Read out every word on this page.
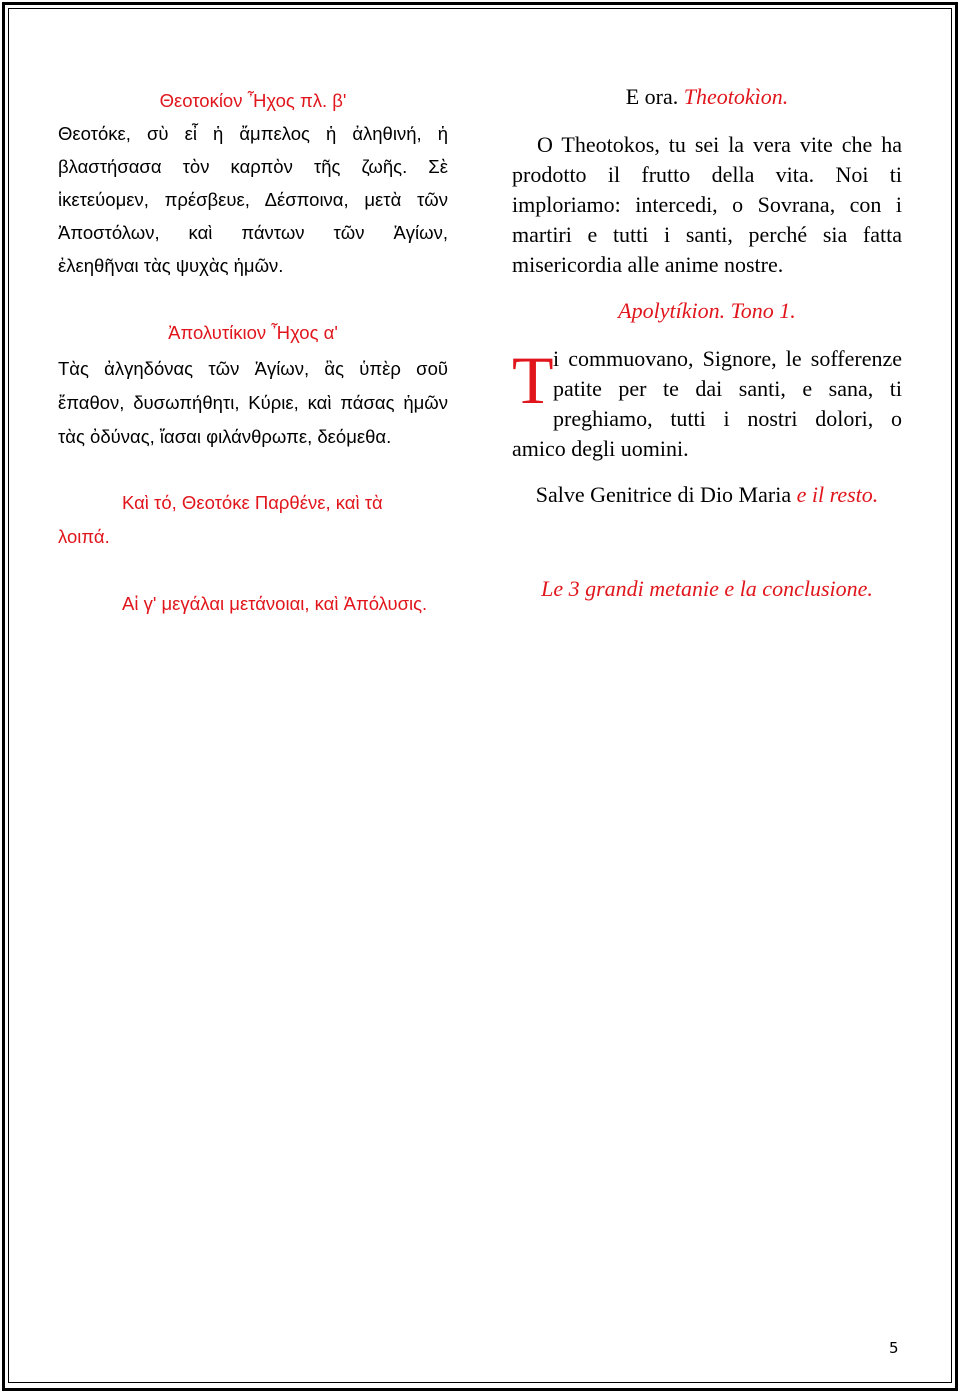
Θεοτοκίον Ἦχος πλ. β'
Θεοτόκε, σὺ εἶ ἡ ἄμπελος ἡ ἀληθινή, ἡ
βλαστήσασα τὸν καρπὸν τῆς ζωῆς. Σὲ
ἱκετεύομεν, πρέσβευε, Δέσποινα, μετὰ τῶν
Ἀποστόλων, καὶ πάντων τῶν Ἁγίων,
ἐλεηθῆναι τὰς ψυχὰς ἡμῶν.
Ἀπολυτίκιον Ἦχος α'
Τὰς ἀλγηδόνας τῶν Ἁγίων, ἃς ὑπὲρ σοῦ
ἔπαθον, δυσωπήθητι, Κύριε, καὶ πάσας ἡμῶν
τὰς ὀδύνας, ἴασαι φιλάνθρωπε, δεόμεθα.
Καὶ τό, Θεοτόκε Παρθένε, καὶ τὰ
λοιπά.
Αἱ γ' μεγάλαι μετάνοιαι, καὶ Ἀπόλυσις.
E ora. Theotokìon.
O Theotokos, tu sei la vera vite che ha
prodotto il frutto della vita. Noi ti
imploriamo: intercedi, o Sovrana, con i
martiri e tutti i santi, perché sia fatta
misericordia alle anime nostre.
Apolytíkion. Tono 1.
T i commuovano, Signore, le sofferenze
patite per te dai santi, e sana, ti
preghiamo, tutti i nostri dolori, o
amico degli uomini.
Salve Genitrice di Dio Maria e il resto.
Le 3 grandi metanie e la conclusione.
5
